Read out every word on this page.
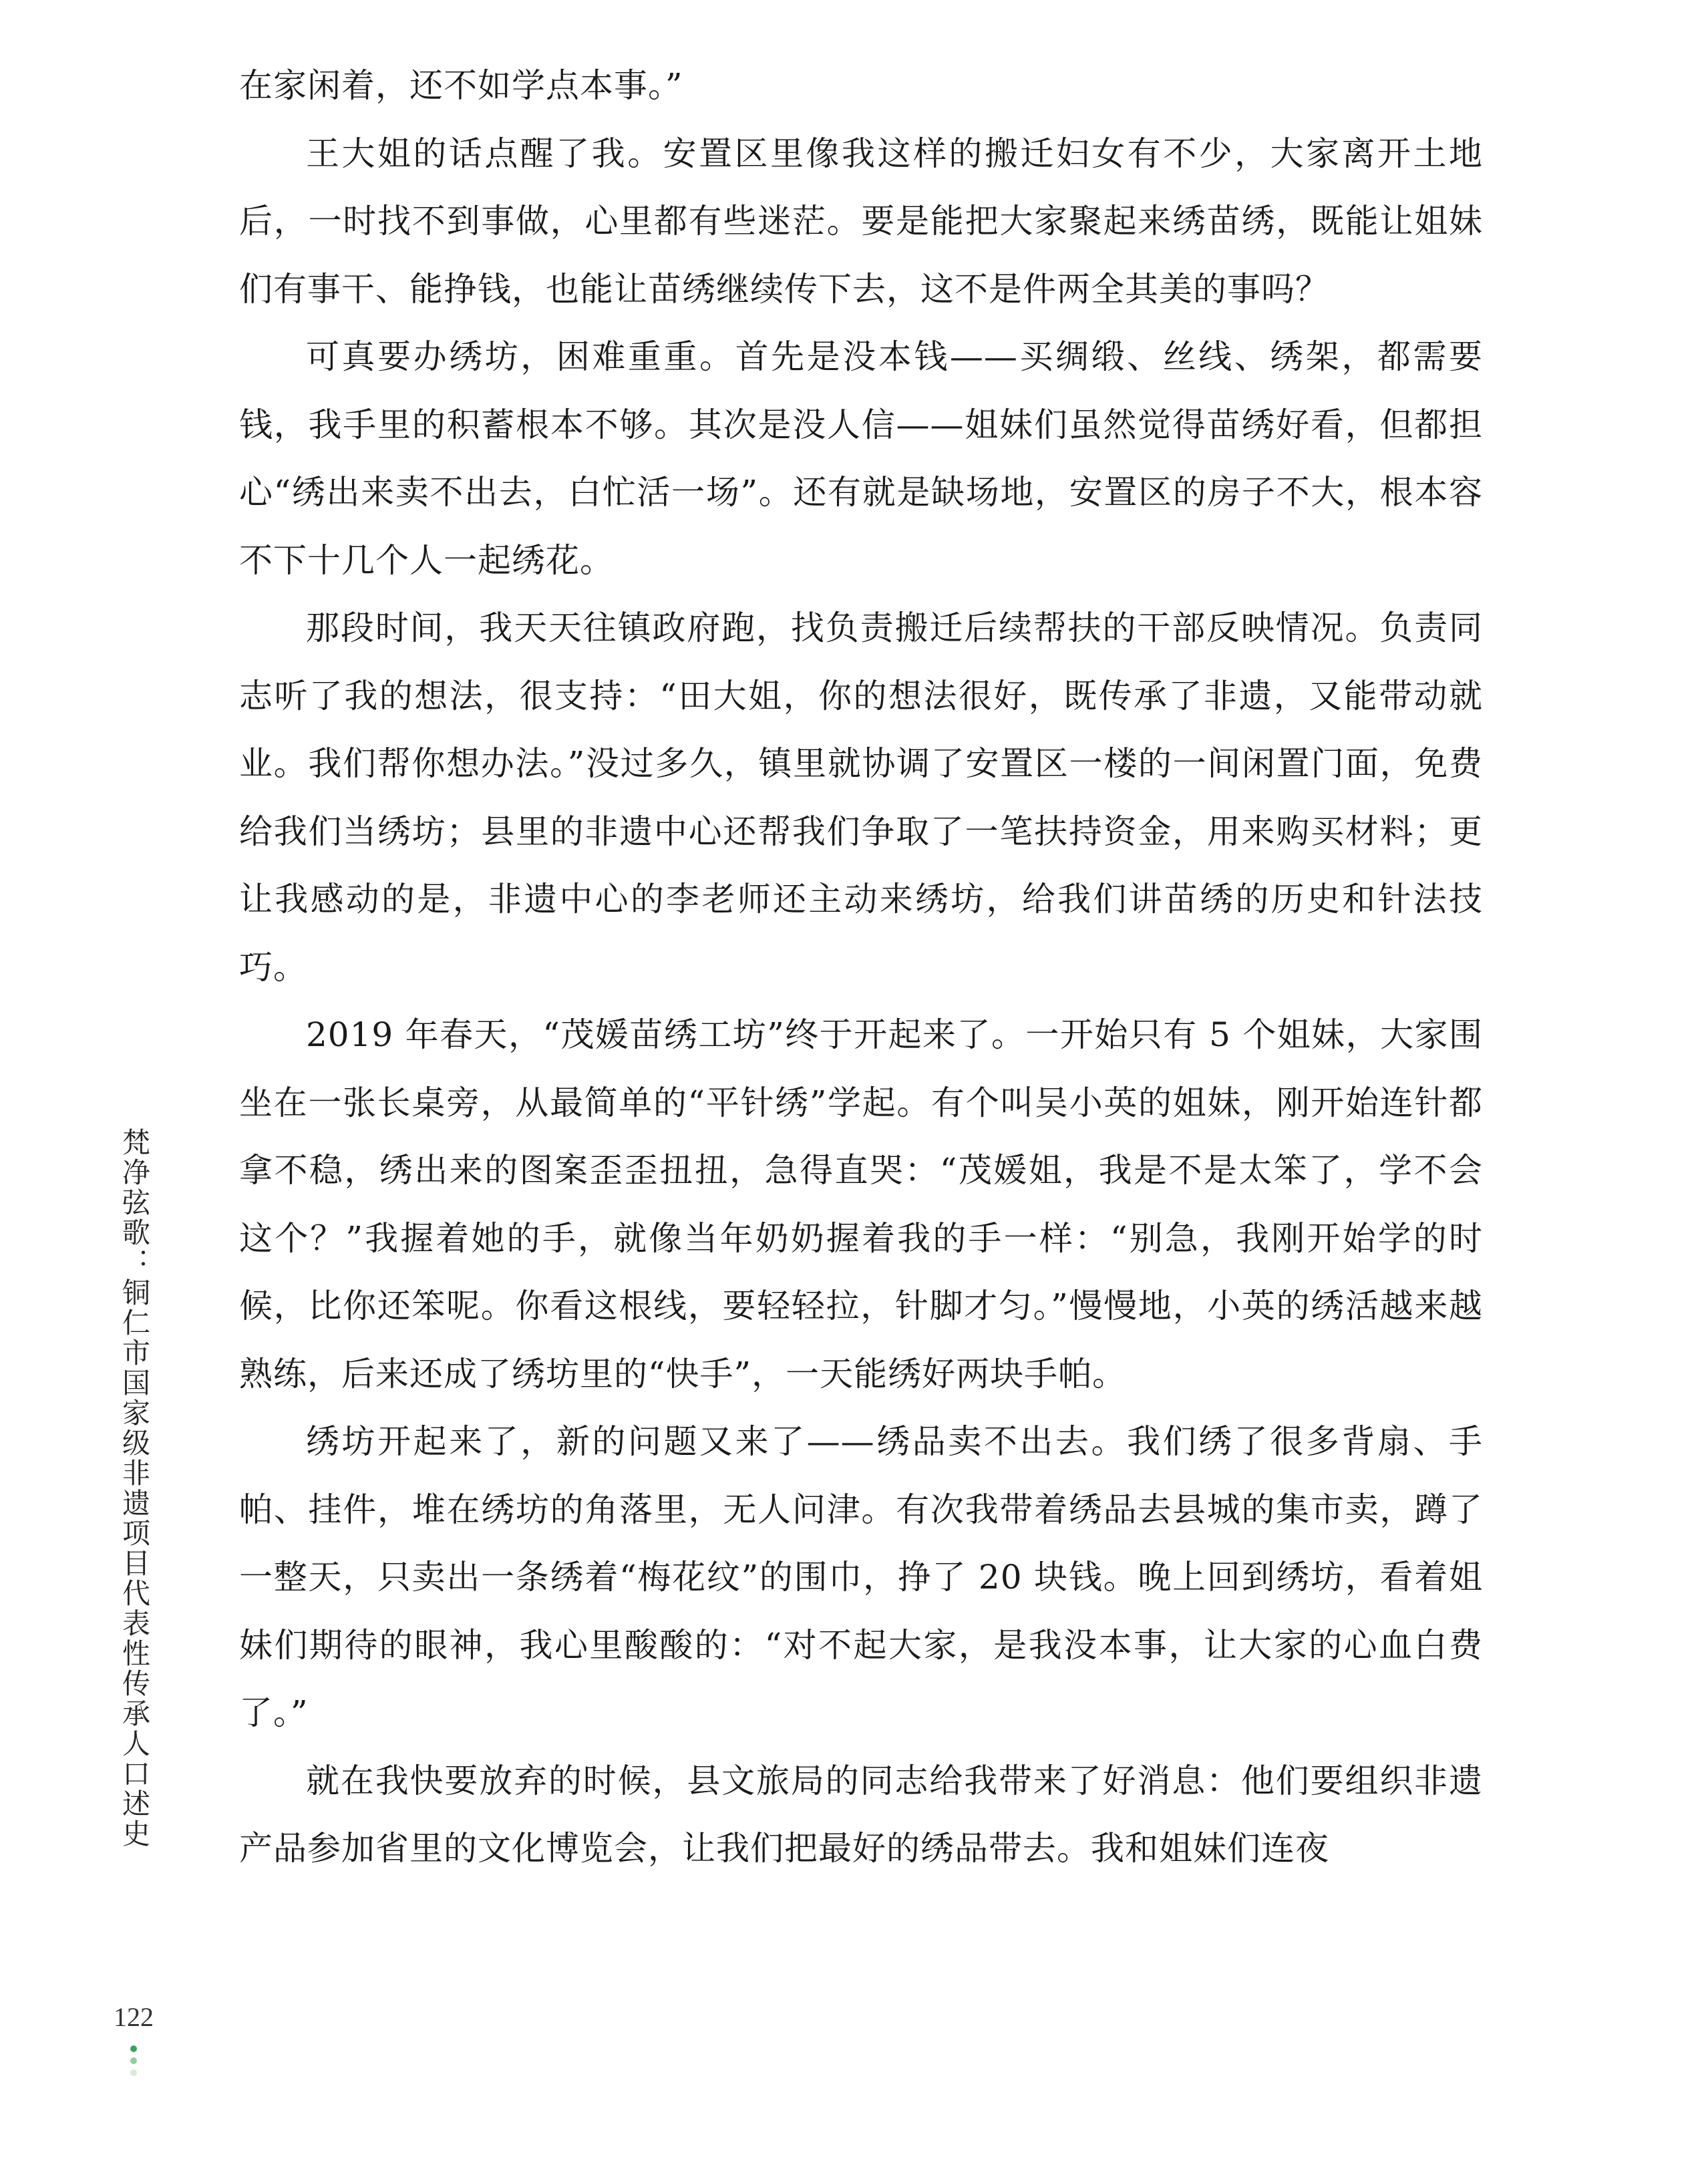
在家闲着，还不如学点本事。”

王大姐的话点醒了我。安置区里像我这样的搬迁妇女有不少，大家离开土地后，一时找不到事做，心里都有些迷茫。要是能把大家聚起来绣苗绣，既能让姐妹们有事干、能挣钱，也能让苗绣继续传下去，这不是件两全其美的事吗？

可真要办绣坊，困难重重。首先是没本钱——买绸缎、丝线、绣架，都需要钱，我手里的积蓄根本不够。其次是没人信——姐妹们虽然觉得苗绣好看，但都担心“绣出来卖不出去，白忙活一场”。还有就是缺场地，安置区的房子不大，根本容不下十几个人一起绣花。

那段时间，我天天往镇政府跑，找负责搬迁后续帮扶的干部反映情况。负责同志听了我的想法，很支持：“田大姐，你的想法很好，既传承了非遗，又能带动就业。我们帮你想办法。”没过多久，镇里就协调了安置区一楼的一间闲置门面，免费给我们当绣坊；县里的非遗中心还帮我们争取了一笔扶持资金，用来购买材料；更让我感动的是，非遗中心的李老师还主动来绣坊，给我们讲苗绣的历史和针法技巧。

2019 年春天，“茂媛苗绣工坊”终于开起来了。一开始只有 5 个姐妹，大家围坐在一张长桌旁，从最简单的“平针绣”学起。有个叫吴小英的姐妹，刚开始连针都拿不稳，绣出来的图案歪歪扭扭，急得直哭：“茂媛姐，我是不是太笨了，学不会这个？”我握着她的手，就像当年奶奶握着我的手一样：“别急，我刚开始学的时候，比你还笨呢。你看这根线，要轻轻拉，针脚才匀。”慢慢地，小英的绣活越来越熟练，后来还成了绣坊里的“快手”，一天能绣好两块手帕。

绣坊开起来了，新的问题又来了——绣品卖不出去。我们绣了很多背扇、手帕、挂件，堆在绣坊的角落里，无人问津。有次我带着绣品去县城的集市卖，蹲了一整天，只卖出一条绣着“梅花纹”的围巾，挣了 20 块钱。晚上回到绣坊，看着姐妹们期待的眼神，我心里酸酸的：“对不起大家，是我没本事，让大家的心血白费了。”

就在我快要放弃的时候，县文旅局的同志给我带来了好消息：他们要组织非遗产品参加省里的文化博览会，让我们把最好的绣品带去。我和姐妹们连夜

梵净弦歌：铜仁市国家级非遗项目代表性传承人口述史
122
